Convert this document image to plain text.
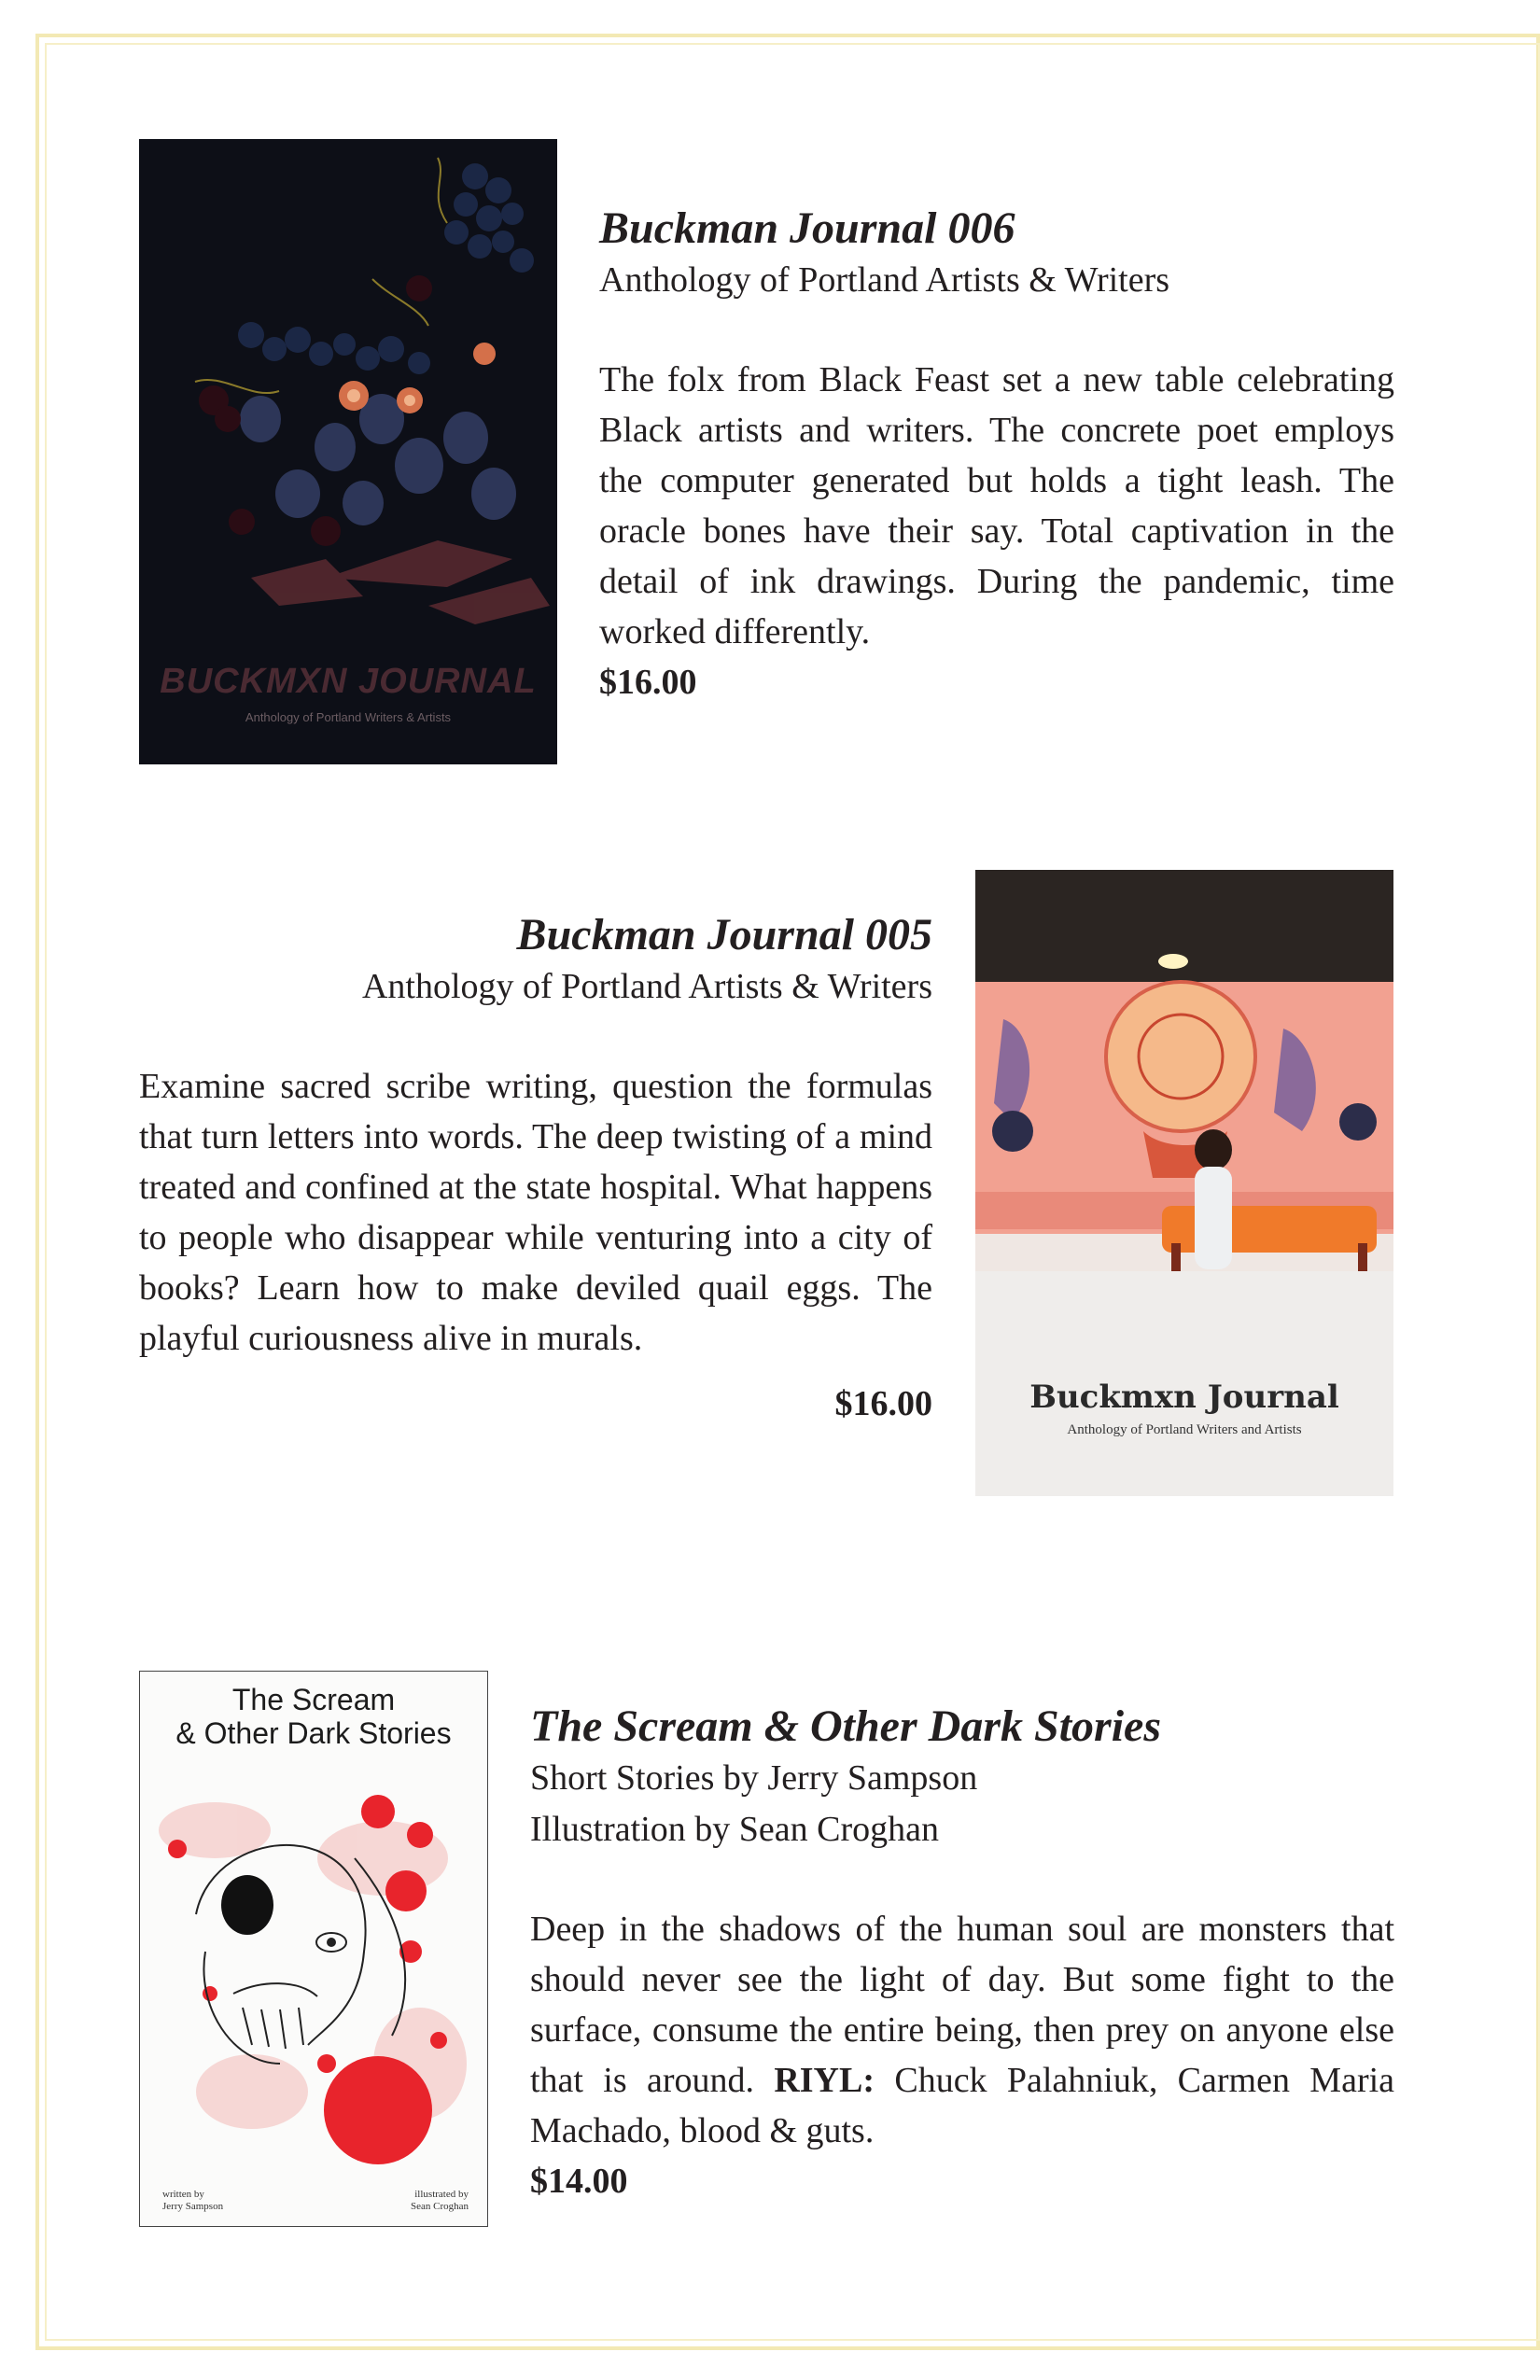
BUCKMXN JOURNAL
Anthology of Portland Writers & Artists

Buckman Journal 006

Anthology of Portland Artists & Writers

The folx from Black Feast set a new table celebrating Black artists and writers. The concrete poet employs the computer generated but holds a tight leash. The oracle bones have their say. Total captivation in the detail of ink drawings. During the pandemic, time worked differently.

$16.00

Buckman Journal 005

Anthology of Portland Artists & Writers

Examine sacred scribe writing, question the formulas that turn letters into words. The deep twisting of a mind treated and confined at the state hospital. What happens to people who disappear while venturing into a city of books? Learn how to make deviled quail eggs. The playful curiousness alive in murals.

$16.00	Buckmxn Journal
Anthology of Portland Writers and Artists
The Scream
& Other Dark Stories
written by
Jerry Sampson
illustrated by
Sean Croghan

The Scream & Other Dark Stories

Short Stories by Jerry Sampson

Illustration by Sean Croghan

Deep in the shadows of the human soul are monsters that should never see the light of day. But some fight to the surface, consume the entire being, then prey on anyone else that is around. RIYL: Chuck Palahniuk, Carmen Maria Machado, blood & guts.

$14.00
